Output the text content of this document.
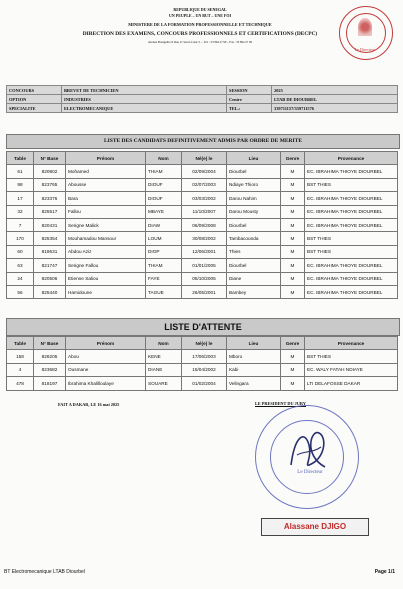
REPUBLIQUE DU SENEGAL
UN PEUPLE – UN BUT – UNE FOI
MINISTERE DE LA FORMATION PROFESSIONNELLE ET TECHNIQUE
DIRECTION DES EXAMENS, CONCOURS PROFESSIONNELS ET CERTIFICATIONS (DECPC)
Avenue Bourguiba X Rue 11 Sacré-Cœur 3 ... Tél. : 33 864 27 99 – Fax : 33 864 27 99
Le Directeur
CONCOURS	BREVET DE TECHNICIEN	SESSION	2025
OPTION	INDUSTRIES	Centre	LTAB DE DIOURBEL
SPECIALITE	ELECTROMECANIQUE	TEL.:	339711157/339711576
LISTE DES CANDIDATS DEFINITIVEMENT ADMIS PAR ORDRE DE MERITE
Table	N° Base	Prénom	Nom	Né(e) le	Lieu	Genre	Provenance
61	820802	Mohamed	THIAM	02/09/2004	Diourbel	M	EC. IBRAHIMA THIOYE DIOURBEL
98	823765	Abousse	DIOUF	02/07/2003	Ndiaye Thioro	M	BST THIES
17	823376	Bara	DIOUF	03/03/2002	Darou Nahim	M	EC. IBRAHIMA THIOYE DIOURBEL
32	825517	Fallou	MBAYE	11/10/2007	Darou Mousty	M	EC. IBRAHIMA THIOYE DIOURBEL
7	820431	Serigne Malick	DIAW	06/09/2008	Diourbel	M	EC. IBRAHIMA THIOYE DIOURBEL
170	825354	Mouhamadou Mansour	LOUM	30/08/2002	Tambacounda	M	BST THIES
60	818631	Abdou Aziz	DIOP	12/06/2001	Thies	M	BST THIES
63	821747	Serigne Fallou	THIAM	01/01/2005	Diourbel	M	EC. IBRAHIMA THIOYE DIOURBEL
24	820506	Etienne Saliou	FAYE	05/10/2005	Diane	M	EC. IBRAHIMA THIOYE DIOURBEL
56	825440	Hamidoune	TAGUE	26/05/2001	Bambey	M	EC. IBRAHIMA THIOYE DIOURBEL
LISTE D'ATTENTE
Table	N° Base	Prénom	Nom	Né(e) le	Lieu	Genre	Provenance
158	828205	Abou	KENE	17/06/2003	Mboro	M	BST THIES
4	823682	Ousmane	DIANE	15/04/2002	Kabi	M	EC. WALY FATAH NDIAYE
478	818197	Ibrahima Khalilloulaye	SOUARE	01/02/2004	Velingara	M	LTI DELAFOSSE DAKAR
FAIT A DAKAR, LE 16 mai 2025	LE PRESIDENT DU JURY
Le Directeur
Alassane DJIGO
BT Electromecanique LTAB Diourbel	Page 1/1
